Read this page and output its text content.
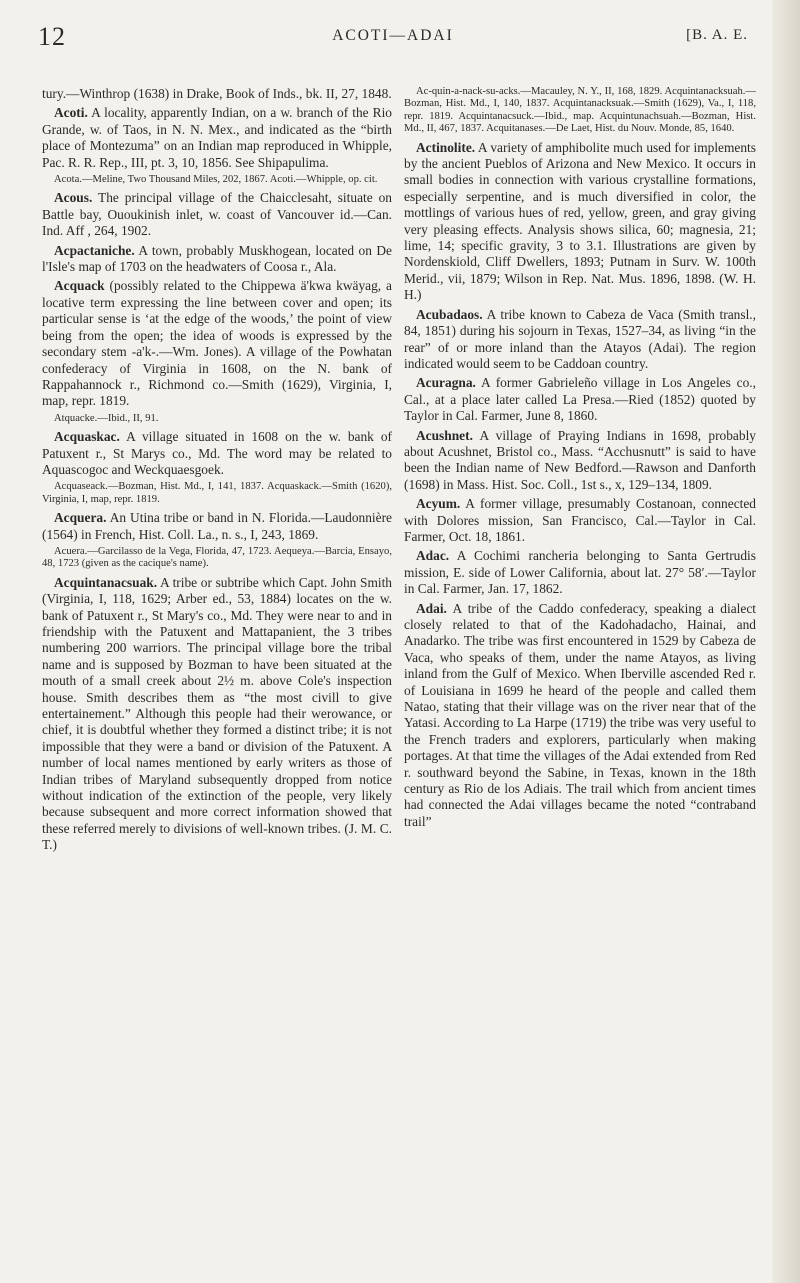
12	ACOTI—ADAI	[B. A. E.

tury.—Winthrop (1638) in Drake, Book of Inds., bk. II, 27, 1848.

Acoti. A locality, apparently Indian, on a w. branch of the Rio Grande, w. of Taos, in N. N. Mex., and indicated as the “birth place of Montezuma” on an Indian map reproduced in Whipple, Pac. R. R. Rep., III, pt. 3, 10, 1856. See Shipapulima.

Acota.—Meline, Two Thousand Miles, 202, 1867. Acoti.—Whipple, op. cit.

Acous. The principal village of the Chaicclesaht, situate on Battle bay, Ououkinish inlet, w. coast of Vancouver id.—Can. Ind. Aff , 264, 1902.

Acpactaniche. A town, probably Muskhogean, located on De l'Isle's map of 1703 on the headwaters of Coosa r., Ala.

Acquack (possibly related to the Chippewa ä'kwa kwäyag, a locative term expressing the line between cover and open; its particular sense is ‘at the edge of the woods,’ the point of view being from the open; the idea of woods is expressed by the secondary stem -a'k-.—Wm. Jones). A village of the Powhatan confederacy of Virginia in 1608, on the N. bank of Rappahannock r., Richmond co.—Smith (1629), Virginia, I, map, repr. 1819.

Atquacke.—Ibid., II, 91.

Acquaskac. A village situated in 1608 on the w. bank of Patuxent r., St Marys co., Md. The word may be related to Aquascogoc and Weckquaesgoek.

Acquaseack.—Bozman, Hist. Md., I, 141, 1837. Acquaskack.—Smith (1620), Virginia, I, map, repr. 1819.

Acquera. An Utina tribe or band in N. Florida.—Laudonnière (1564) in French, Hist. Coll. La., n. s., I, 243, 1869.

Acuera.—Garcilasso de la Vega, Florida, 47, 1723. Aequeya.—Barcia, Ensayo, 48, 1723 (given as the cacique's name).

Acquintanacsuak. A tribe or subtribe which Capt. John Smith (Virginia, I, 118, 1629; Arber ed., 53, 1884) locates on the w. bank of Patuxent r., St Mary's co., Md. They were near to and in friendship with the Patuxent and Mattapanient, the 3 tribes numbering 200 warriors. The principal village bore the tribal name and is supposed by Bozman to have been situated at the mouth of a small creek about 2½ m. above Cole's inspection house. Smith describes them as “the most civill to give entertainement.” Although this people had their werowance, or chief, it is doubtful whether they formed a distinct tribe; it is not impossible that they were a band or division of the Patuxent. A number of local names mentioned by early writers as those of Indian tribes of Maryland subsequently dropped from notice without indication of the extinction of the people, very likely because subsequent and more correct information showed that these referred merely to divisions of well-known tribes. (J. M. C. T.)

Ac-quin-a-nack-su-acks.—Macauley, N. Y., II, 168, 1829. Acquintanacksuah.—Bozman, Hist. Md., I, 140, 1837. Acquintanacksuak.—Smith (1629), Va., I, 118, repr. 1819. Acquintanacsuck.—Ibid., map. Acquintunachsuah.—Bozman, Hist. Md., II, 467, 1837. Acquitanases.—De Laet, Hist. du Nouv. Monde, 85, 1640.

Actinolite. A variety of amphibolite much used for implements by the ancient Pueblos of Arizona and New Mexico. It occurs in small bodies in connection with various crystalline formations, especially serpentine, and is much diversified in color, the mottlings of various hues of red, yellow, green, and gray giving very pleasing effects. Analysis shows silica, 60; magnesia, 21; lime, 14; specific gravity, 3 to 3.1. Illustrations are given by Nordenskiold, Cliff Dwellers, 1893; Putnam in Surv. W. 100th Merid., vii, 1879; Wilson in Rep. Nat. Mus. 1896, 1898. (W. H. H.)

Acubadaos. A tribe known to Cabeza de Vaca (Smith transl., 84, 1851) during his sojourn in Texas, 1527–34, as living “in the rear” of or more inland than the Atayos (Adai). The region indicated would seem to be Caddoan country.

Acuragna. A former Gabrieleño village in Los Angeles co., Cal., at a place later called La Presa.—Ried (1852) quoted by Taylor in Cal. Farmer, June 8, 1860.

Acushnet. A village of Praying Indians in 1698, probably about Acushnet, Bristol co., Mass. “Acchusnutt” is said to have been the Indian name of New Bedford.—Rawson and Danforth (1698) in Mass. Hist. Soc. Coll., 1st s., x, 129–134, 1809.

Acyum. A former village, presumably Costanoan, connected with Dolores mission, San Francisco, Cal.—Taylor in Cal. Farmer, Oct. 18, 1861.

Adac. A Cochimi rancheria belonging to Santa Gertrudis mission, E. side of Lower California, about lat. 27° 58′.—Taylor in Cal. Farmer, Jan. 17, 1862.

Adai. A tribe of the Caddo confederacy, speaking a dialect closely related to that of the Kadohadacho, Hainai, and Anadarko. The tribe was first encountered in 1529 by Cabeza de Vaca, who speaks of them, under the name Atayos, as living inland from the Gulf of Mexico. When Iberville ascended Red r. of Louisiana in 1699 he heard of the people and called them Natao, stating that their village was on the river near that of the Yatasi. According to La Harpe (1719) the tribe was very useful to the French traders and explorers, particularly when making portages. At that time the villages of the Adai extended from Red r. southward beyond the Sabine, in Texas, known in the 18th century as Rio de los Adiais. The trail which from ancient times had connected the Adai villages became the noted “contraband trail”
